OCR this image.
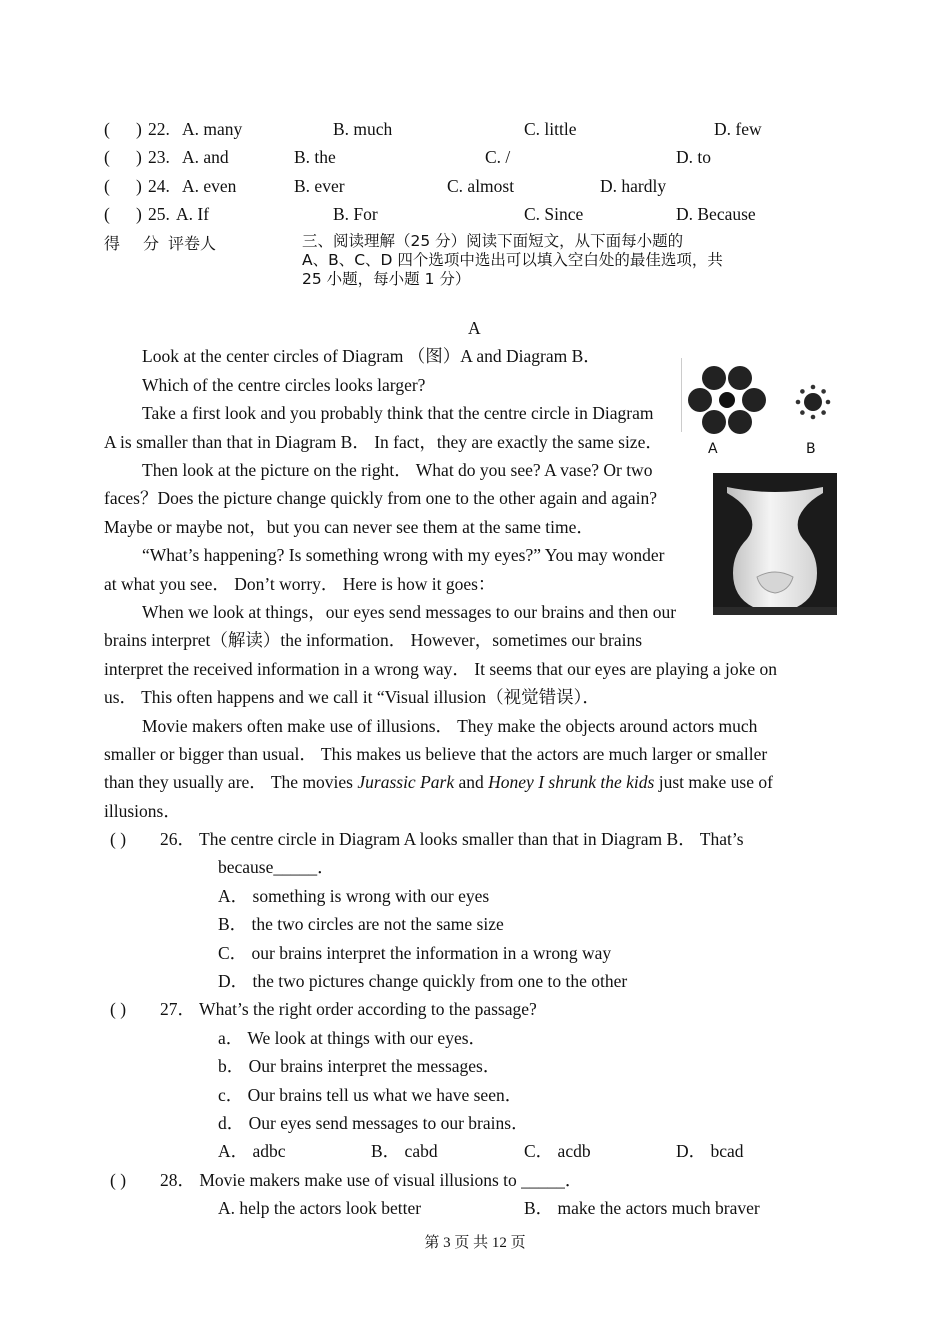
( ) 22. A. many	B. much	C. little	D. few
( ) 23. A. and	B. the	C. /	D. to
( ) 24. A. even	B. ever	C. almost	D. hardly
( ) 25. A. If	B. For	C. Since	D. Because
得 分 评卷人	三、阅读理解（25 分）阅读下面短文，从下面每小题的
A、B、C、D 四个选项中选出可以填入空白处的最佳选项，共
25 小题，每小题 1 分）
A
Look at the center circles of Diagram （图）A and Diagram B．
Which of the centre circles looks larger?
Take a first look and you probably think that the centre circle in Diagram
A is smaller than that in Diagram B． In fact，they are exactly the same size．
Then look at the picture on the right． What do you see? A vase? Or two
faces？Does the picture change quickly from one to the other again and again?
Maybe or maybe not，but you can never see them at the same time．
“What’s happening? Is something wrong with my eyes?” You may wonder
at what you see． Don’t worry． Here is how it goes：
When we look at things，our eyes send messages to our brains and then our
brains interpret（解读）the information． However，sometimes our brains
interpret the received information in a wrong way． It seems that our eyes are playing a joke on
us． This often happens and we call it “Visual illusion（视觉错误）．
Movie makers often make use of illusions． They make the objects around actors much
smaller or bigger than usual． This makes us believe that the actors are much larger or smaller
than they usually are． The movies Jurassic Park and Honey I shrunk the kids just make use of
illusions．
A	B
( ) 26． The centre circle in Diagram A looks smaller than that in Diagram B． That’s
because_____．
A． something is wrong with our eyes
B． the two circles are not the same size
C． our brains interpret the information in a wrong way
D． the two pictures change quickly from one to the other
( ) 27． What’s the right order according to the passage?
a． We look at things with our eyes．
b． Our brains interpret the messages．
c． Our brains tell us what we have seen．
d． Our eyes send messages to our brains．
A． adbc	B． cabd	C． acdb	D． bcad
( ) 28． Movie makers make use of visual illusions to _____．
A. help the actors look better	B． make the actors much braver
第 3 页 共 12 页
